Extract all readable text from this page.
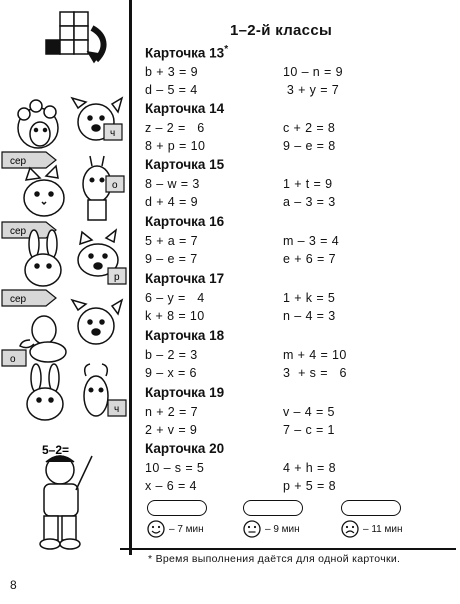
сер
ч
сер
о
сер
р
о
ч
5–2=
1–2-й классы
Карточка 13*
b + 3 = 9	10 – n = 9
d – 5 = 4	3 + y = 7
Карточка 14
z – 2 =   6	c + 2 = 8
8 + p = 10	9 – e = 8
Карточка 15
8 – w = 3	1 + t = 9
d + 4 = 9	a – 3 = 3
Карточка 16
5 + a = 7	m – 3 = 4
9 – e = 7	e + 6 = 7
Карточка 17
6 – y =   4	1 + k = 5
k + 8 = 10	n – 4 = 3
Карточка 18
b – 2 = 3	m + 4 = 10
9 – x = 6	3  + s =   6
Карточка 19
n + 2 = 7	v – 4 = 5
2 + v = 9	7 – c = 1
Карточка 20
10 – s = 5	4 + h = 8
x – 6 = 4	p + 5 = 8
– 7 мин	– 9 мин	– 11 мин
* Время выполнения даётся для одной карточки.
8
